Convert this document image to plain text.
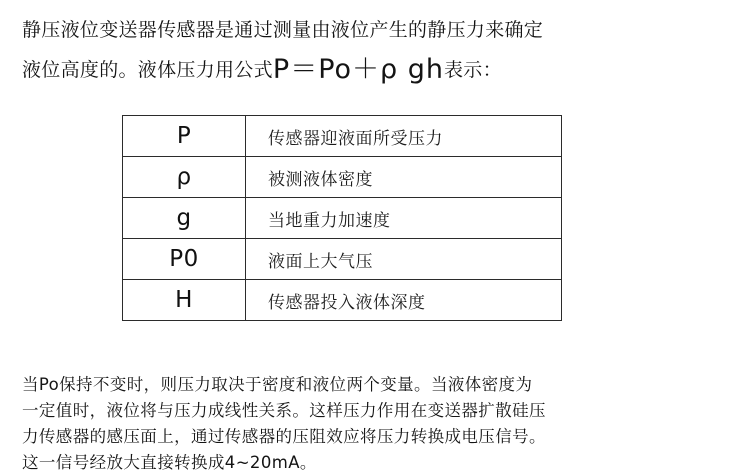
静压液位变送器传感器是通过测量由液位产生的静压力来确定
液位高度的。液体压力用公式P＝Po＋ρ gh表示：
P	传感器迎液面所受压力
ρ	被测液体密度
g	当地重力加速度
P0	液面上大气压
H	传感器投入液体深度

当Po保持不变时，则压力取决于密度和液位两个变量。当液体密度为

一定值时，液位将与压力成线性关系。这样压力作用在变送器扩散硅压

力传感器的感压面上，通过传感器的压阻效应将压力转换成电压信号。

这一信号经放大直接转换成4~20mA。
